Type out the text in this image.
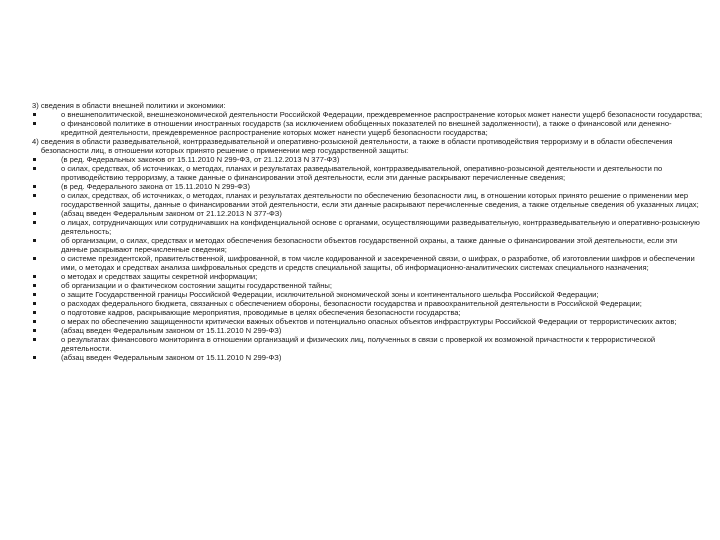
3) сведения в области внешней политики и экономики:

о внешнеполитической, внешнеэкономической деятельности Российской Федерации, преждевременное распространение которых может нанести ущерб безопасности государства;
о финансовой политике в отношении иностранных государств (за исключением обобщенных показателей по внешней задолженности), а также о финансовой или денежно-кредитной деятельности, преждевременное распространение которых может нанести ущерб безопасности государства;
4) сведения в области разведывательной, контрразведывательной и оперативно-розыскной деятельности, а также в области противодействия терроризму и в области обеспечения безопасности лиц, в отношении которых принято решение о применении мер государственной защиты:
(в ред. Федеральных законов от 15.11.2010 N 299-ФЗ, от 21.12.2013 N 377-ФЗ)
о силах, средствах, об источниках, о методах, планах и результатах разведывательной, контрразведывательной, оперативно-розыскной деятельности и деятельности по противодействию терроризму, а также данные о финансировании этой деятельности, если эти данные раскрывают перечисленные сведения;
(в ред. Федерального закона от 15.11.2010 N 299-ФЗ)
о силах, средствах, об источниках, о методах, планах и результатах деятельности по обеспечению безопасности лиц, в отношении которых принято решение о применении мер государственной защиты, данные о финансировании этой деятельности, если эти данные раскрывают перечисленные сведения, а также отдельные сведения об указанных лицах;
(абзац введен Федеральным законом от 21.12.2013 N 377-ФЗ)
о лицах, сотрудничающих или сотрудничавших на конфиденциальной основе с органами, осуществляющими разведывательную, контрразведывательную и оперативно-розыскную деятельность;
об организации, о силах, средствах и методах обеспечения безопасности объектов государственной охраны, а также данные о финансировании этой деятельности, если эти данные раскрывают перечисленные сведения;
о системе президентской, правительственной, шифрованной, в том числе кодированной и засекреченной связи, о шифрах, о разработке, об изготовлении шифров и обеспечении ими, о методах и средствах анализа шифровальных средств и средств специальной защиты, об информационно-аналитических системах специального назначения;
о методах и средствах защиты секретной информации;
об организации и о фактическом состоянии защиты государственной тайны;
о защите Государственной границы Российской Федерации, исключительной экономической зоны и континентального шельфа Российской Федерации;
о расходах федерального бюджета, связанных с обеспечением обороны, безопасности государства и правоохранительной деятельности в Российской Федерации;
о подготовке кадров, раскрывающие мероприятия, проводимые в целях обеспечения безопасности государства;
о мерах по обеспечению защищенности критически важных объектов и потенциально опасных объектов инфраструктуры Российской Федерации от террористических актов;
(абзац введен Федеральным законом от 15.11.2010 N 299-ФЗ)
о результатах финансового мониторинга в отношении организаций и физических лиц, полученных в связи с проверкой их возможной причастности к террористической деятельности.
(абзац введен Федеральным законом от 15.11.2010 N 299-ФЗ)
